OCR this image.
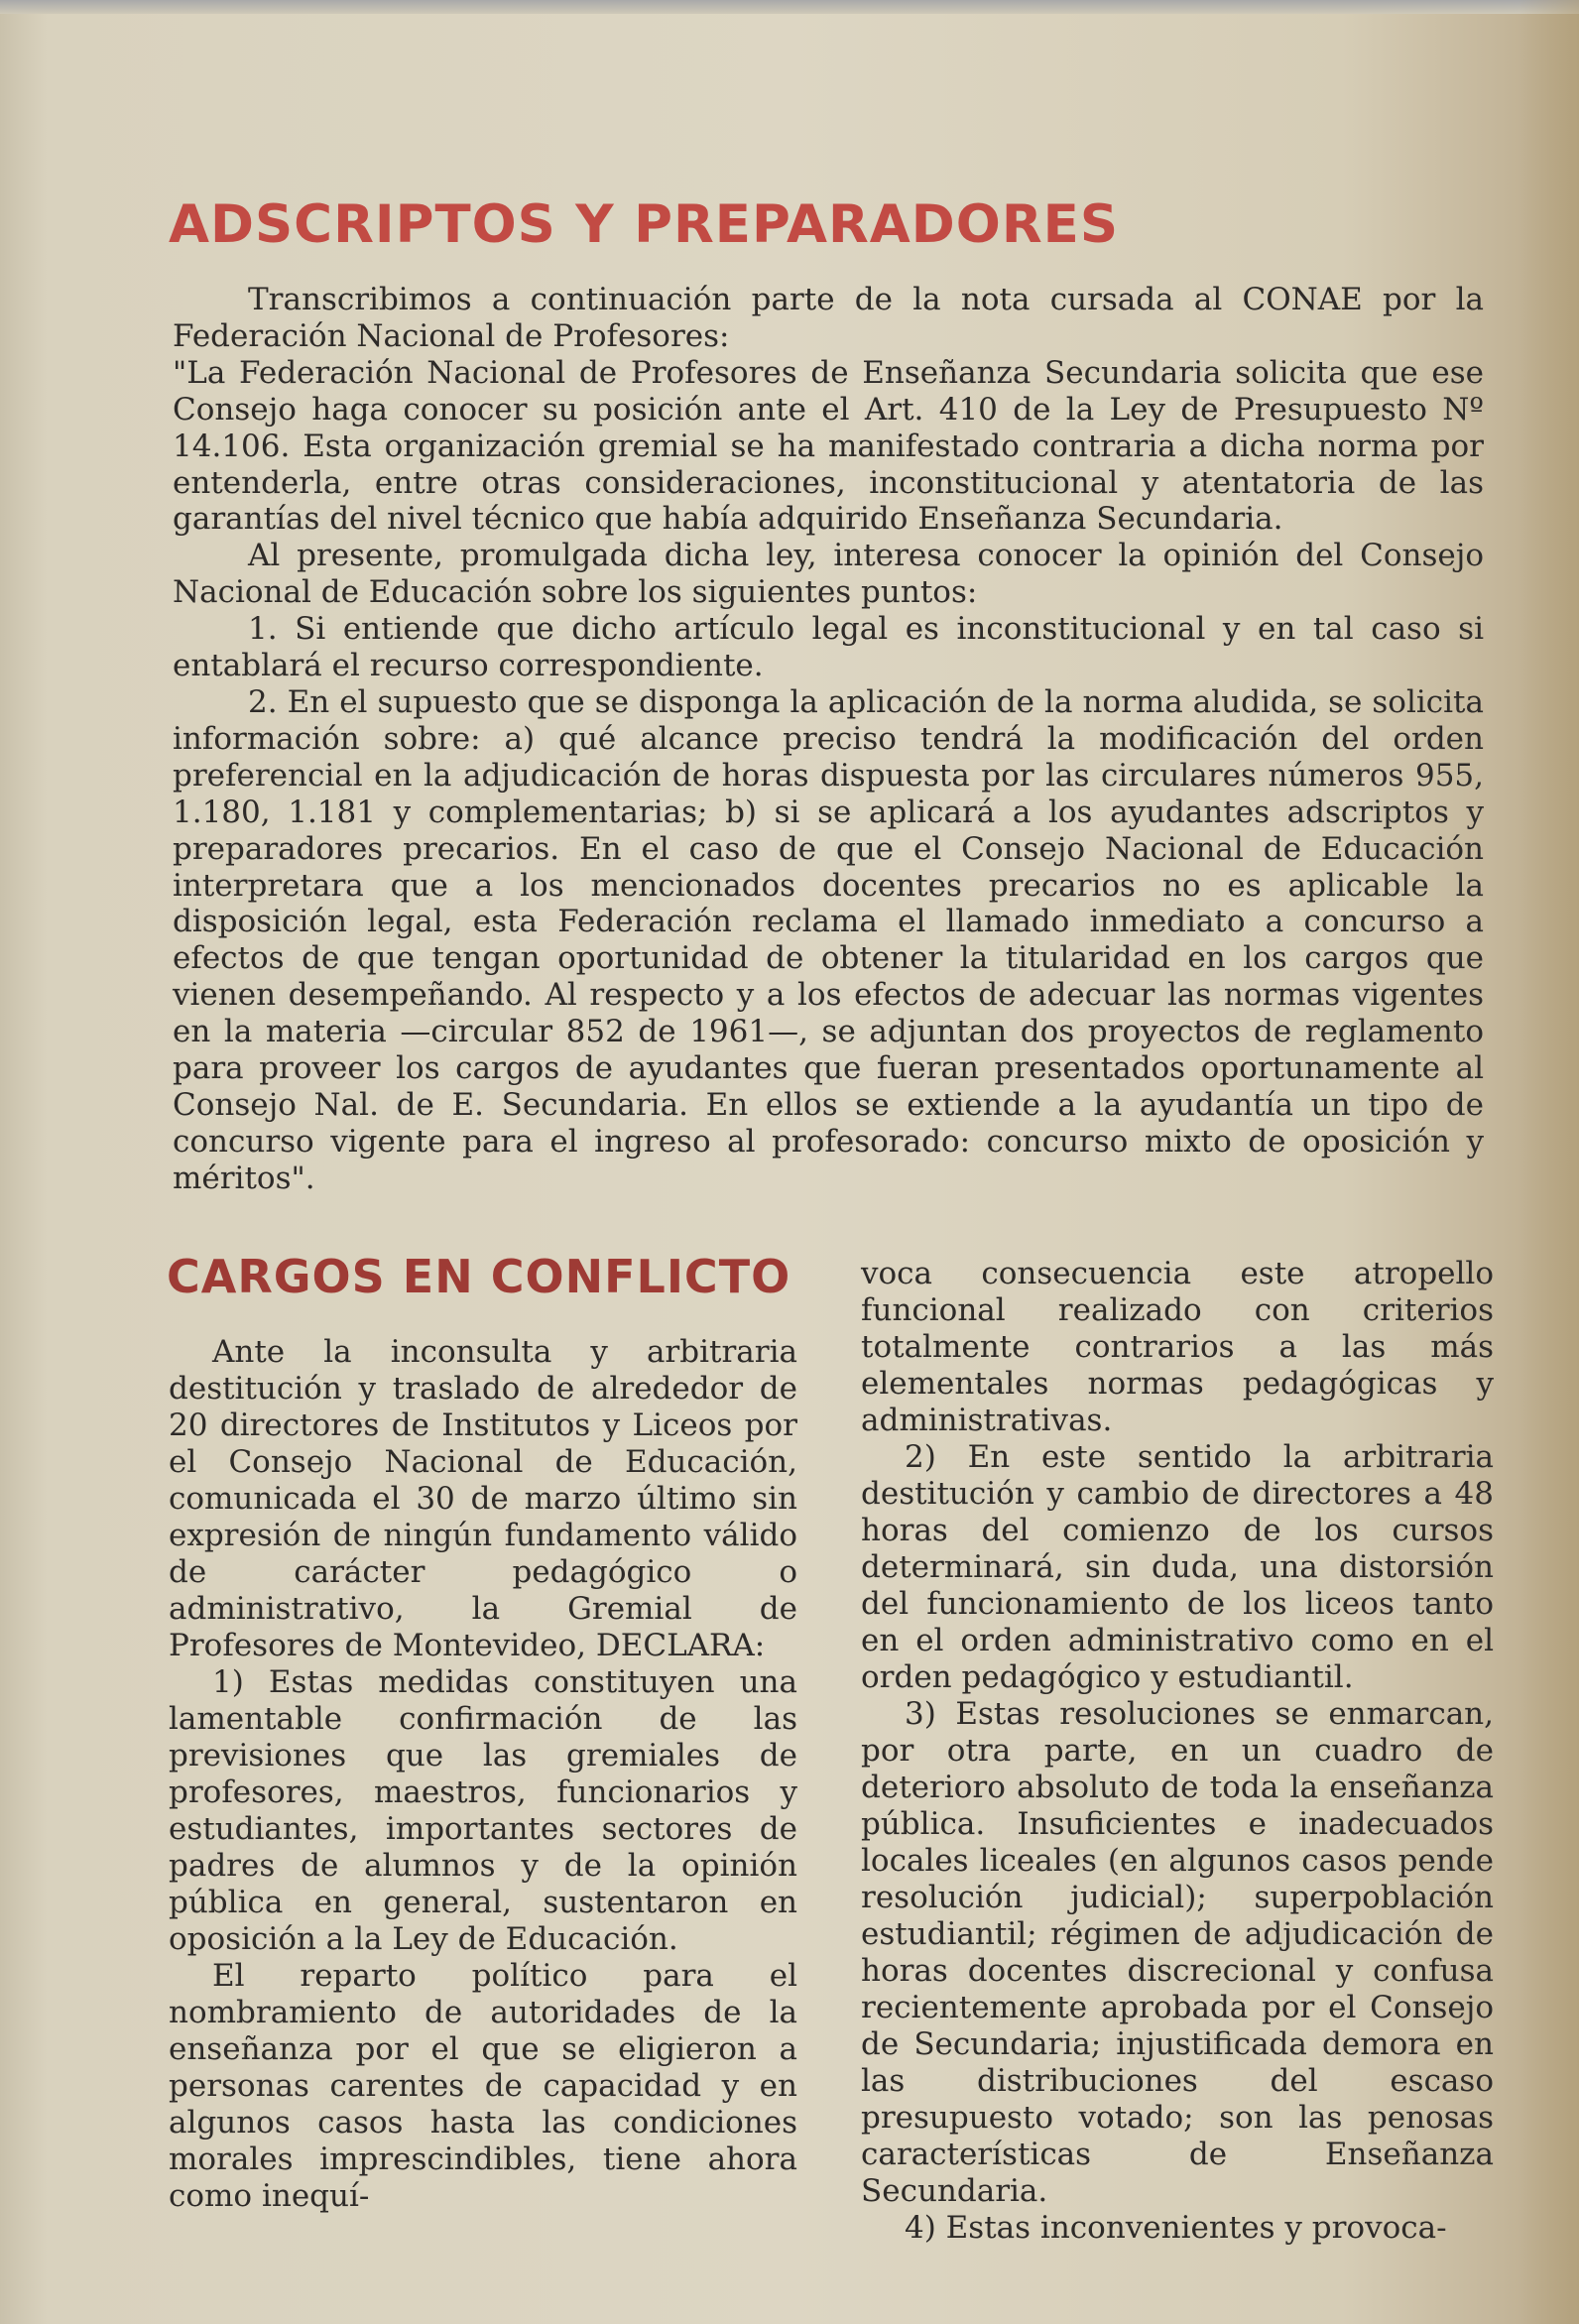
ADSCRIPTOS Y PREPARADORES

Transcribimos a continuación parte de la nota cursada al CONAE por la Federación Nacional de Profesores:

"La Federación Nacional de Profesores de Enseñanza Secundaria solicita que ese Consejo haga conocer su posición ante el Art. 410 de la Ley de Presupuesto Nº 14.106. Esta organización gremial se ha manifestado contraria a dicha norma por entenderla, entre otras consideraciones, inconstitucional y atentatoria de las garantías del nivel técnico que había adquirido Enseñanza Secundaria.

Al presente, promulgada dicha ley, interesa conocer la opinión del Consejo Nacional de Educación sobre los siguientes puntos:

1. Si entiende que dicho artículo legal es inconstitucional y en tal caso si entablará el recurso correspondiente.

2. En el supuesto que se disponga la aplicación de la norma aludida, se solicita información sobre: a) qué alcance preciso tendrá la modificación del orden preferencial en la adjudicación de horas dispuesta por las circulares números 955, 1.180, 1.181 y complementarias; b) si se aplicará a los ayudantes adscriptos y preparadores precarios. En el caso de que el Consejo Nacional de Educación interpretara que a los mencionados docentes precarios no es aplicable la disposición legal, esta Federación reclama el llamado inmediato a concurso a efectos de que tengan oportunidad de obtener la titularidad en los cargos que vienen desempeñando. Al respecto y a los efectos de adecuar las normas vigentes en la materia —circular 852 de 1961—, se adjuntan dos proyectos de reglamento para proveer los cargos de ayudantes que fueran presentados oportunamente al Consejo Nal. de E. Secundaria. En ellos se extiende a la ayudantía un tipo de concurso vigente para el ingreso al profesorado: concurso mixto de oposición y méritos".

CARGOS EN CONFLICTO

Ante la inconsulta y arbitraria destitución y traslado de alrededor de 20 directores de Institutos y Liceos por el Consejo Nacional de Educación, comunicada el 30 de marzo último sin expresión de ningún fundamento válido de carácter pedagógico o administrativo, la Gremial de Profesores de Montevideo, DECLARA:

1) Estas medidas constituyen una lamentable confirmación de las previsiones que las gremiales de profesores, maestros, funcionarios y estudiantes, importantes sectores de padres de alumnos y de la opinión pública en general, sustentaron en oposición a la Ley de Educación.

El reparto político para el nombramiento de autoridades de la enseñanza por el que se eligieron a personas carentes de capacidad y en algunos casos hasta las condiciones morales imprescindibles, tiene ahora como inequí-

voca consecuencia este atropello funcional realizado con criterios totalmente contrarios a las más elementales normas pedagógicas y administrativas.

2) En este sentido la arbitraria destitución y cambio de directores a 48 horas del comienzo de los cursos determinará, sin duda, una distorsión del funcionamiento de los liceos tanto en el orden administrativo como en el orden pedagógico y estudiantil.

3) Estas resoluciones se enmarcan, por otra parte, en un cuadro de deterioro absoluto de toda la enseñanza pública. Insuficientes e inadecuados locales liceales (en algunos casos pende resolución judicial); superpoblación estudiantil; régimen de adjudicación de horas docentes discrecional y confusa recientemente aprobada por el Consejo de Secundaria; injustificada demora en las distribuciones del escaso presupuesto votado; son las penosas características de Enseñanza Secundaria.

4) Estas inconvenientes y provoca-
